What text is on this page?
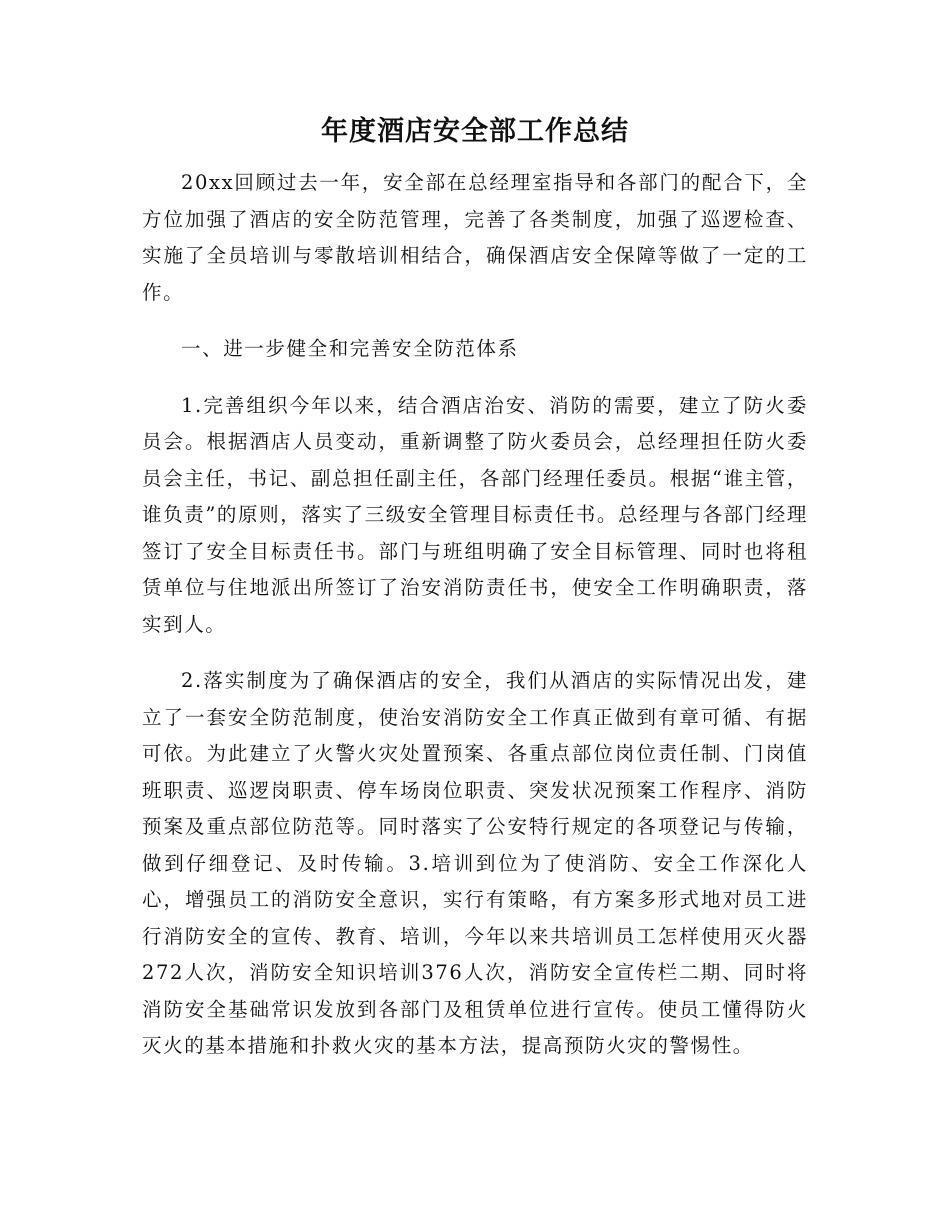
年度酒店安全部工作总结

20xx回顾过去一年，安全部在总经理室指导和各部门的配合下，全方位加强了酒店的安全防范管理，完善了各类制度，加强了巡逻检查、实施了全员培训与零散培训相结合，确保酒店安全保障等做了一定的工作。

一、进一步健全和完善安全防范体系

1.完善组织今年以来，结合酒店治安、消防的需要，建立了防火委员会。根据酒店人员变动，重新调整了防火委员会，总经理担任防火委员会主任，书记、副总担任副主任，各部门经理任委员。根据“谁主管，谁负责”的原则，落实了三级安全管理目标责任书。总经理与各部门经理签订了安全目标责任书。部门与班组明确了安全目标管理、同时也将租赁单位与住地派出所签订了治安消防责任书，使安全工作明确职责，落实到人。

2.落实制度为了确保酒店的安全，我们从酒店的实际情况出发，建立了一套安全防范制度，使治安消防安全工作真正做到有章可循、有据可依。为此建立了火警火灾处置预案、各重点部位岗位责任制、门岗值班职责、巡逻岗职责、停车场岗位职责、突发状况预案工作程序、消防预案及重点部位防范等。同时落实了公安特行规定的各项登记与传输，做到仔细登记、及时传输。3.培训到位为了使消防、安全工作深化人心，增强员工的消防安全意识，实行有策略，有方案多形式地对员工进行消防安全的宣传、教育、培训，今年以来共培训员工怎样使用灭火器272人次，消防安全知识培训376人次，消防安全宣传栏二期、同时将消防安全基础常识发放到各部门及租赁单位进行宣传。使员工懂得防火灭火的基本措施和扑救火灾的基本方法，提高预防火灾的警惕性。
